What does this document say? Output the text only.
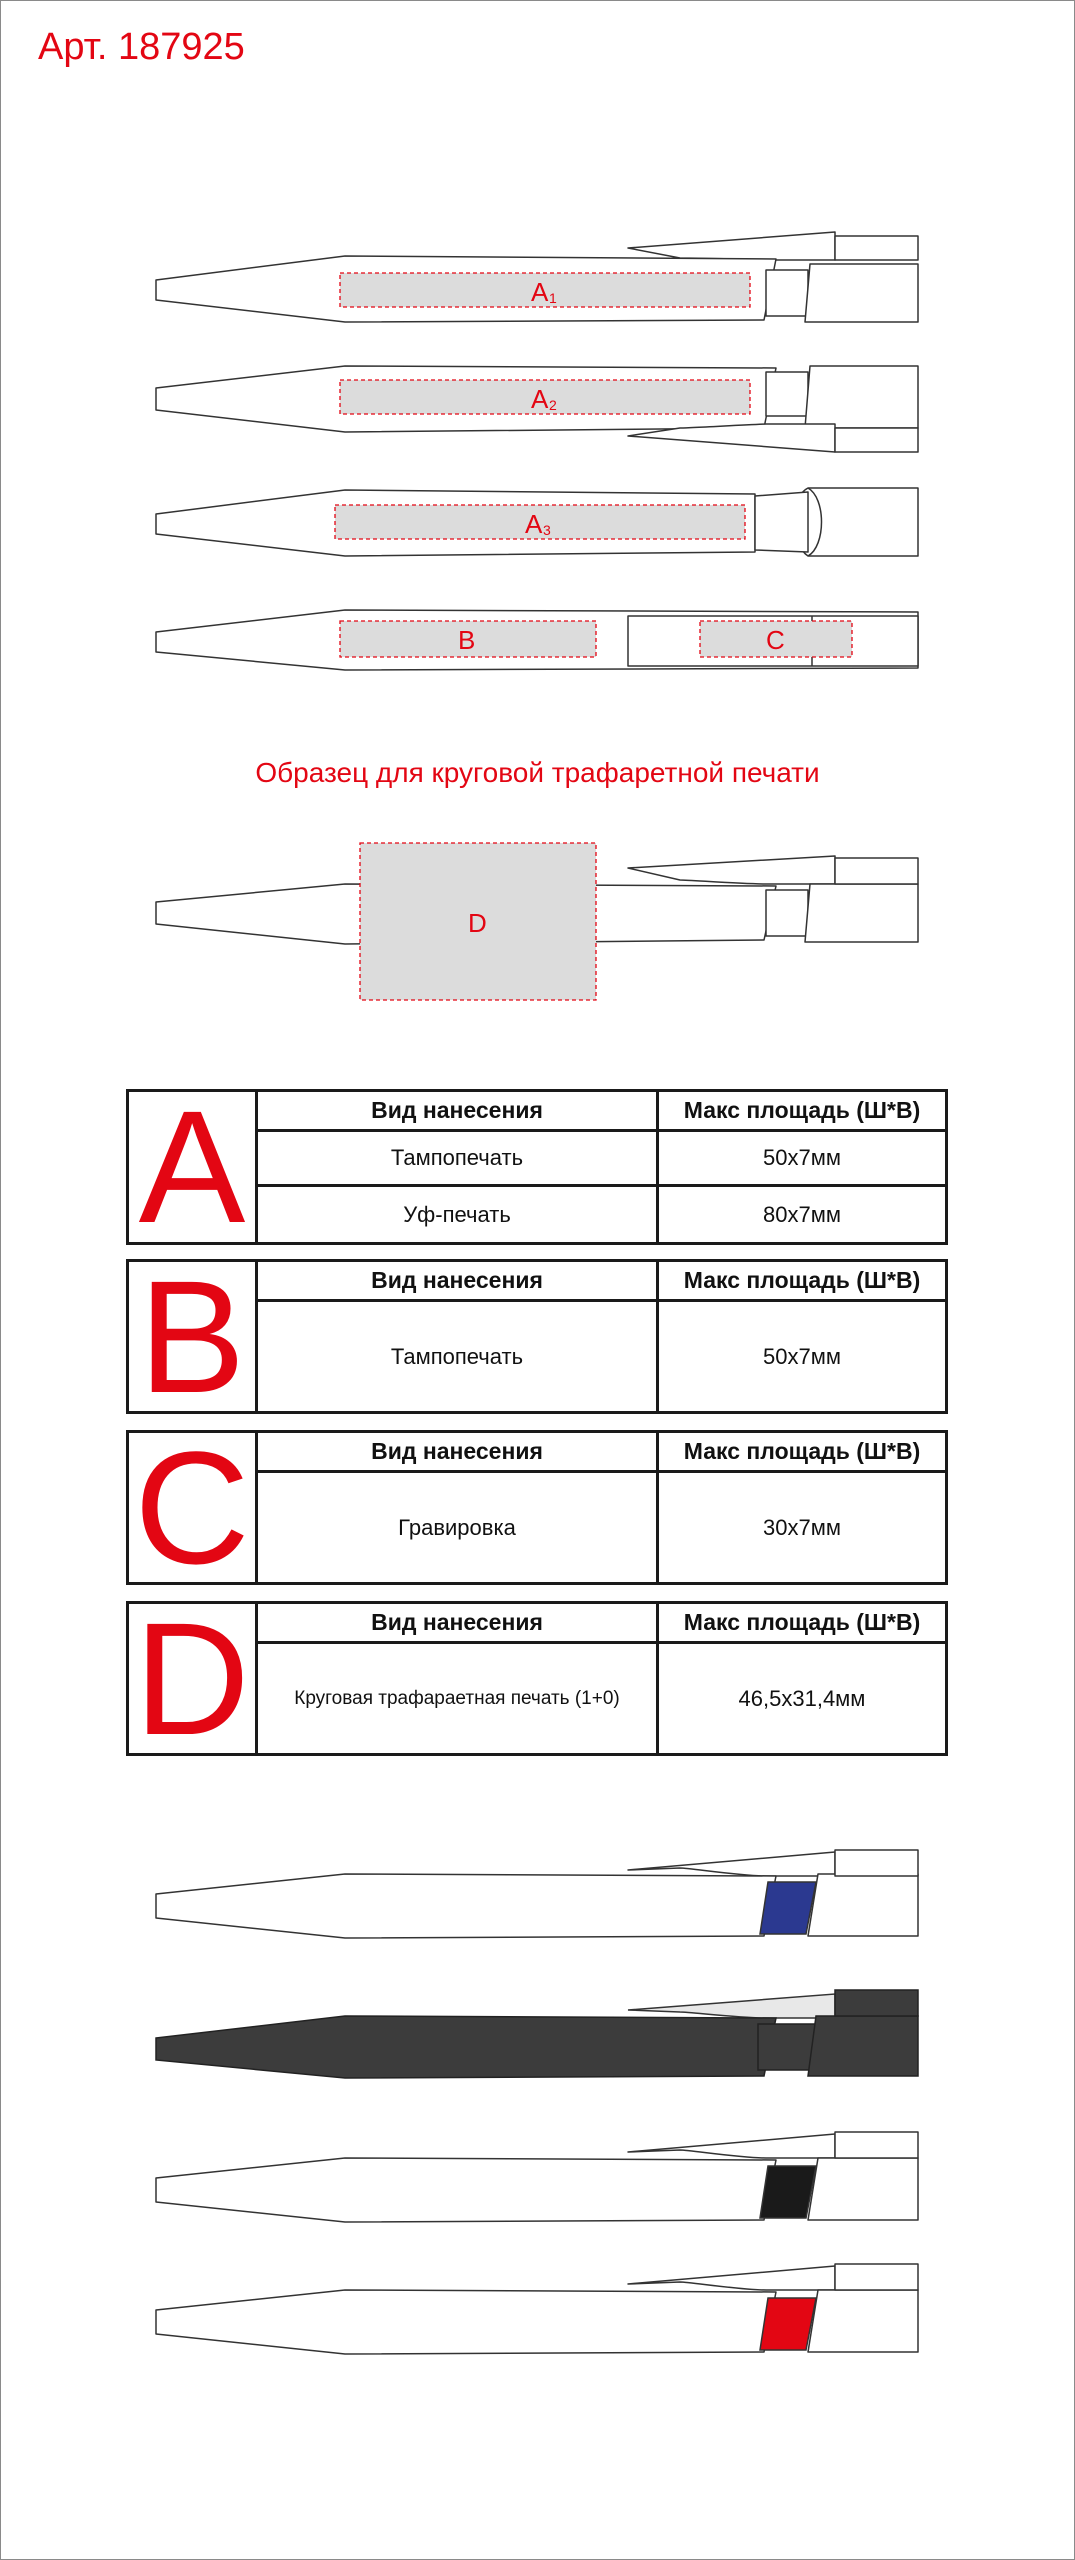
Арт. 187925
A 1
A 2
A 3
B	C
D
Образец для круговой трафаретной печати
A	Вид нанесения	Макс площадь (Ш*В)
Тампопечать	50x7мм
Уф-печать	80x7мм
B	Вид нанесения	Макс площадь (Ш*В)
Тампопечать	50x7мм
C	Вид нанесения	Макс площадь (Ш*В)
Гравировка	30x7мм
D	Вид нанесения	Макс площадь (Ш*В)
Круговая трафараетная печать (1+0)	46,5x31,4мм
